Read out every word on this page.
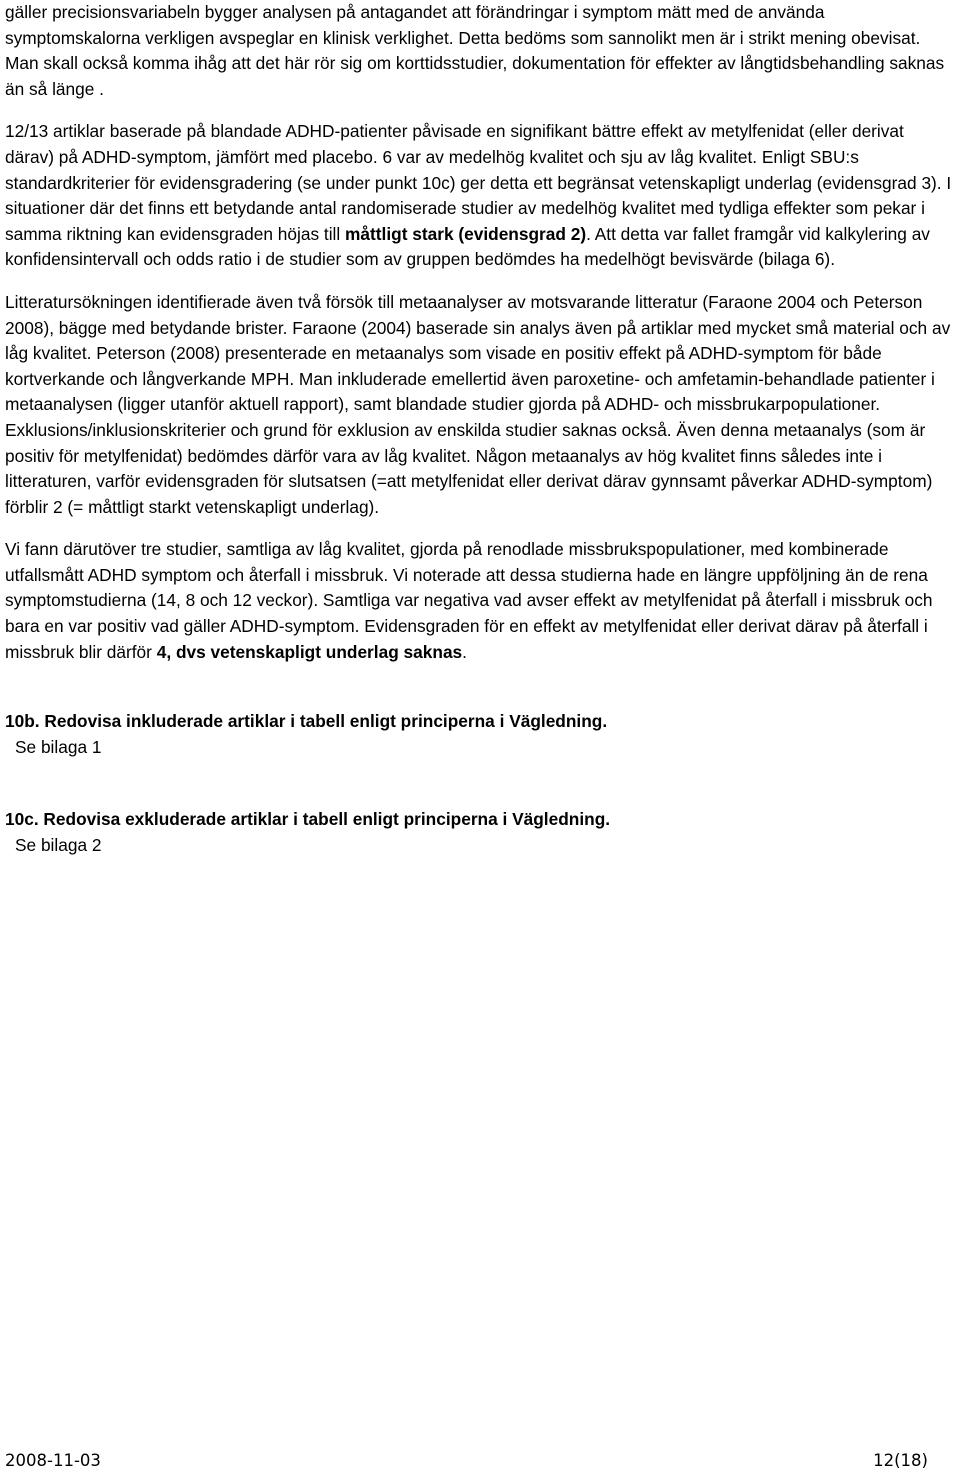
gäller precisionsvariabeln bygger analysen på antagandet att förändringar i symptom mätt med de använda symptomskalorna verkligen avspeglar en klinisk verklighet. Detta bedöms som sannolikt men är i strikt mening obevisat. Man skall också komma ihåg att det här rör sig om korttidsstudier, dokumentation för effekter av långtidsbehandling saknas än så länge .

12/13 artiklar baserade på blandade ADHD-patienter påvisade en signifikant bättre effekt av metylfenidat (eller derivat därav) på ADHD-symptom, jämfört med placebo. 6 var av medelhög kvalitet och sju av låg kvalitet. Enligt SBU:s standardkriterier för evidensgradering (se under punkt 10c) ger detta ett begränsat vetenskapligt underlag (evidensgrad 3). I situationer där det finns ett betydande antal randomiserade studier av medelhög kvalitet med tydliga effekter som pekar i samma riktning kan evidensgraden höjas till måttligt stark (evidensgrad 2). Att detta var fallet framgår vid kalkylering av konfidensintervall och odds ratio i de studier som av gruppen bedömdes ha medelhögt bevisvärde (bilaga 6).

Litteratursökningen identifierade även två försök till metaanalyser av motsvarande litteratur (Faraone 2004 och Peterson 2008), bägge med betydande brister. Faraone (2004) baserade sin analys även på artiklar med mycket små material och av låg kvalitet. Peterson (2008) presenterade en metaanalys som visade en positiv effekt på ADHD-symptom för både kortverkande och långverkande MPH. Man inkluderade emellertid även paroxetine- och amfetamin-behandlade patienter i metaanalysen (ligger utanför aktuell rapport), samt blandade studier gjorda på ADHD- och missbrukarpopulationer. Exklusions/inklusionskriterier och grund för exklusion av enskilda studier saknas också. Även denna metaanalys (som är positiv för metylfenidat) bedömdes därför vara av låg kvalitet. Någon metaanalys av hög kvalitet finns således inte i litteraturen, varför evidensgraden för slutsatsen (=att metylfenidat eller derivat därav gynnsamt påverkar ADHD-symptom) förblir 2 (= måttligt starkt vetenskapligt underlag).

Vi fann därutöver tre studier, samtliga av låg kvalitet, gjorda på renodlade missbrukspopulationer, med kombinerade utfallsmått ADHD symptom och återfall i missbruk. Vi noterade att dessa studierna hade en längre uppföljning än de rena symptomstudierna (14, 8 och 12 veckor). Samtliga var negativa vad avser effekt av metylfenidat på återfall i missbruk och bara en var positiv vad gäller ADHD-symptom. Evidensgraden för en effekt av metylfenidat eller derivat därav på återfall i missbruk blir därför 4, dvs vetenskapligt underlag saknas.

10b. Redovisa inkluderade artiklar i tabell enligt principerna i Vägledning.

Se bilaga 1

10c. Redovisa exkluderade artiklar i tabell enligt principerna i Vägledning.

Se bilaga 2

2008-11-03	12(18)
